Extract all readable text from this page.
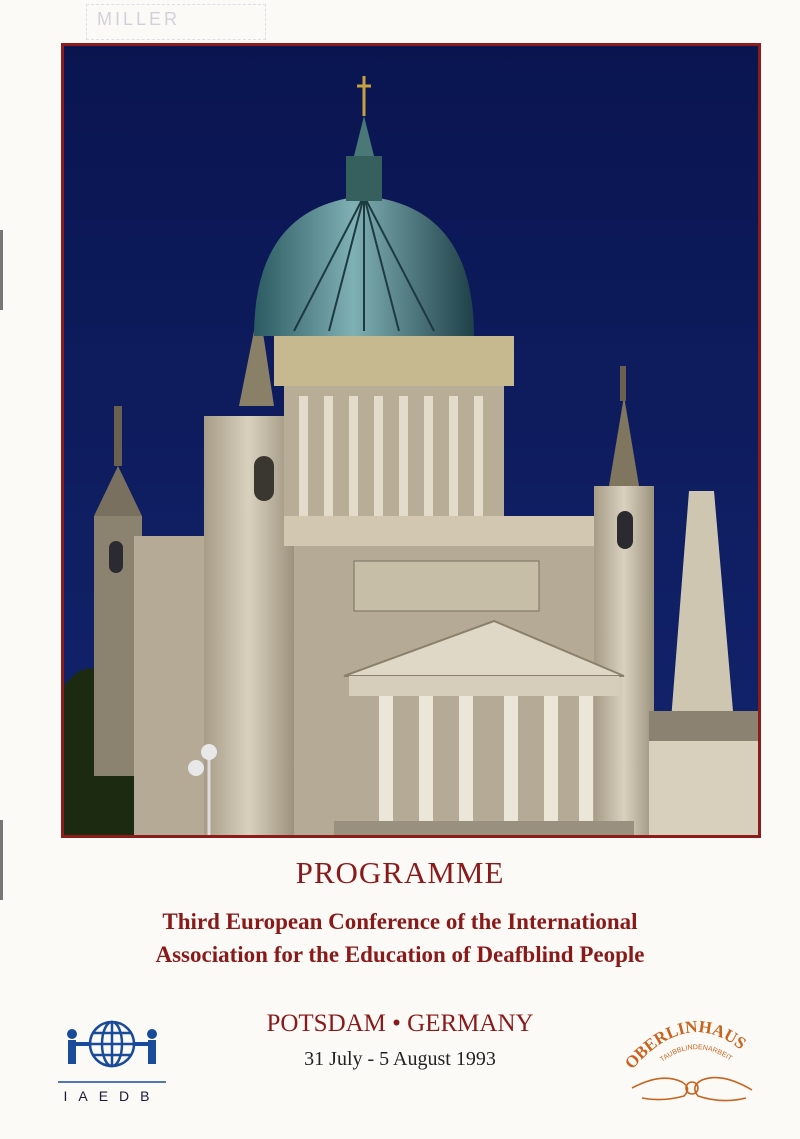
MILLER
PROGRAMME
Third European Conference of the International
Association for the Education of Deafblind People
POTSDAM • GERMANY
31 July - 5 August 1993
IAEDB
OBERLINHAUS
TAUBBLINDENARBEIT
